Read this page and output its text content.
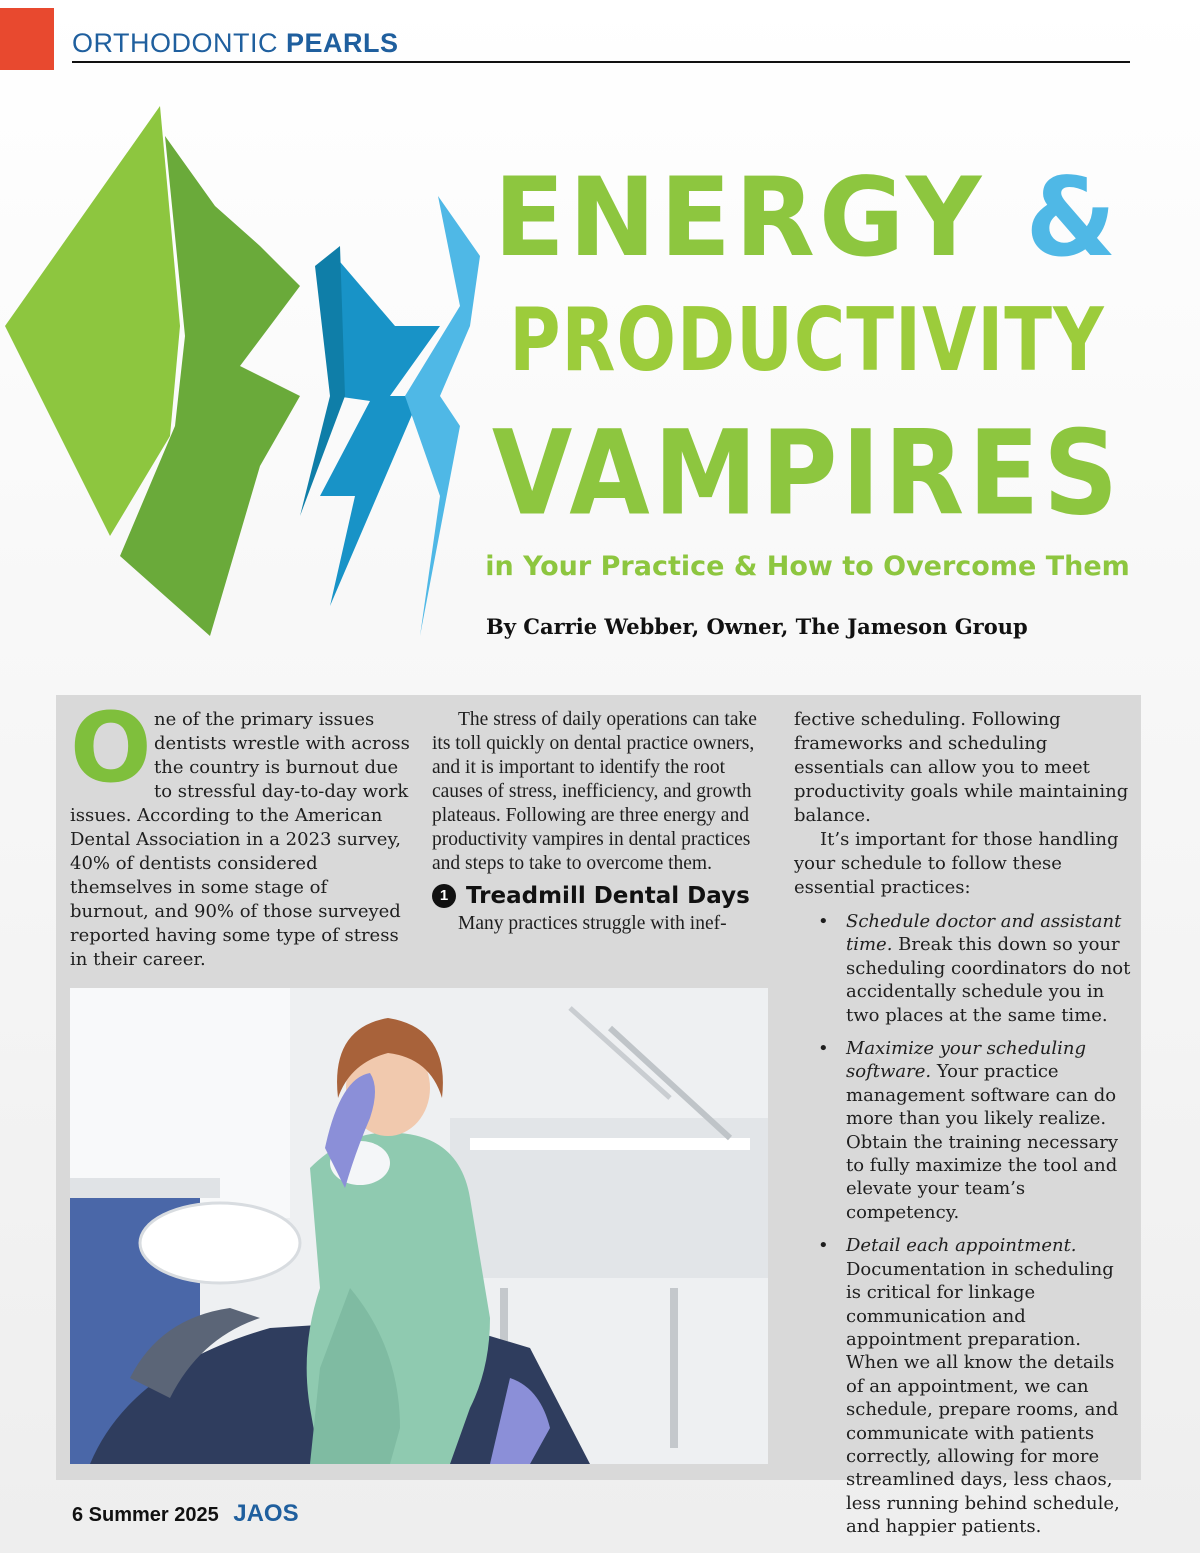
ORTHODONTIC PEARLS
ENERGY &
PRODUCTIVITY
VAMPIRES
in Your Practice & How to Overcome Them
By Carrie Webber, Owner, The Jameson Group
O ne of the primary issues dentists wrestle with across the country is burnout due to stressful day-to-day work issues. According to the American Dental Association in a 2023 survey, 40% of dentists considered themselves in some stage of burnout, and 90% of those surveyed reported having some type of stress in their career.

The stress of daily operations can take its toll quickly on dental practice owners, and it is important to identify the root causes of stress, inefficiency, and growth plateaus. Following are three energy and productivity vampires in dental practices and steps to take to overcome them.

1 Treadmill Dental Days

Many practices struggle with inef-

fective scheduling. Following frameworks and scheduling essentials can allow you to meet productivity goals while maintaining balance.

It’s important for those handling your schedule to follow these essential practices:

• Schedule doctor and assistant time. Break this down so your scheduling coordinators do not accidentally schedule you in two places at the same time.
• Maximize your scheduling software. Your practice management software can do more than you likely realize. Obtain the training necessary to fully maximize the tool and elevate your team’s competency.
• Detail each appointment. Documentation in scheduling is critical for linkage communication and appointment preparation. When we all know the details of an appointment, we can schedule, prepare rooms, and communicate with patients correctly, allowing for more streamlined days, less chaos, less running behind schedule, and happier patients.
6 Summer 2025 JAOS
